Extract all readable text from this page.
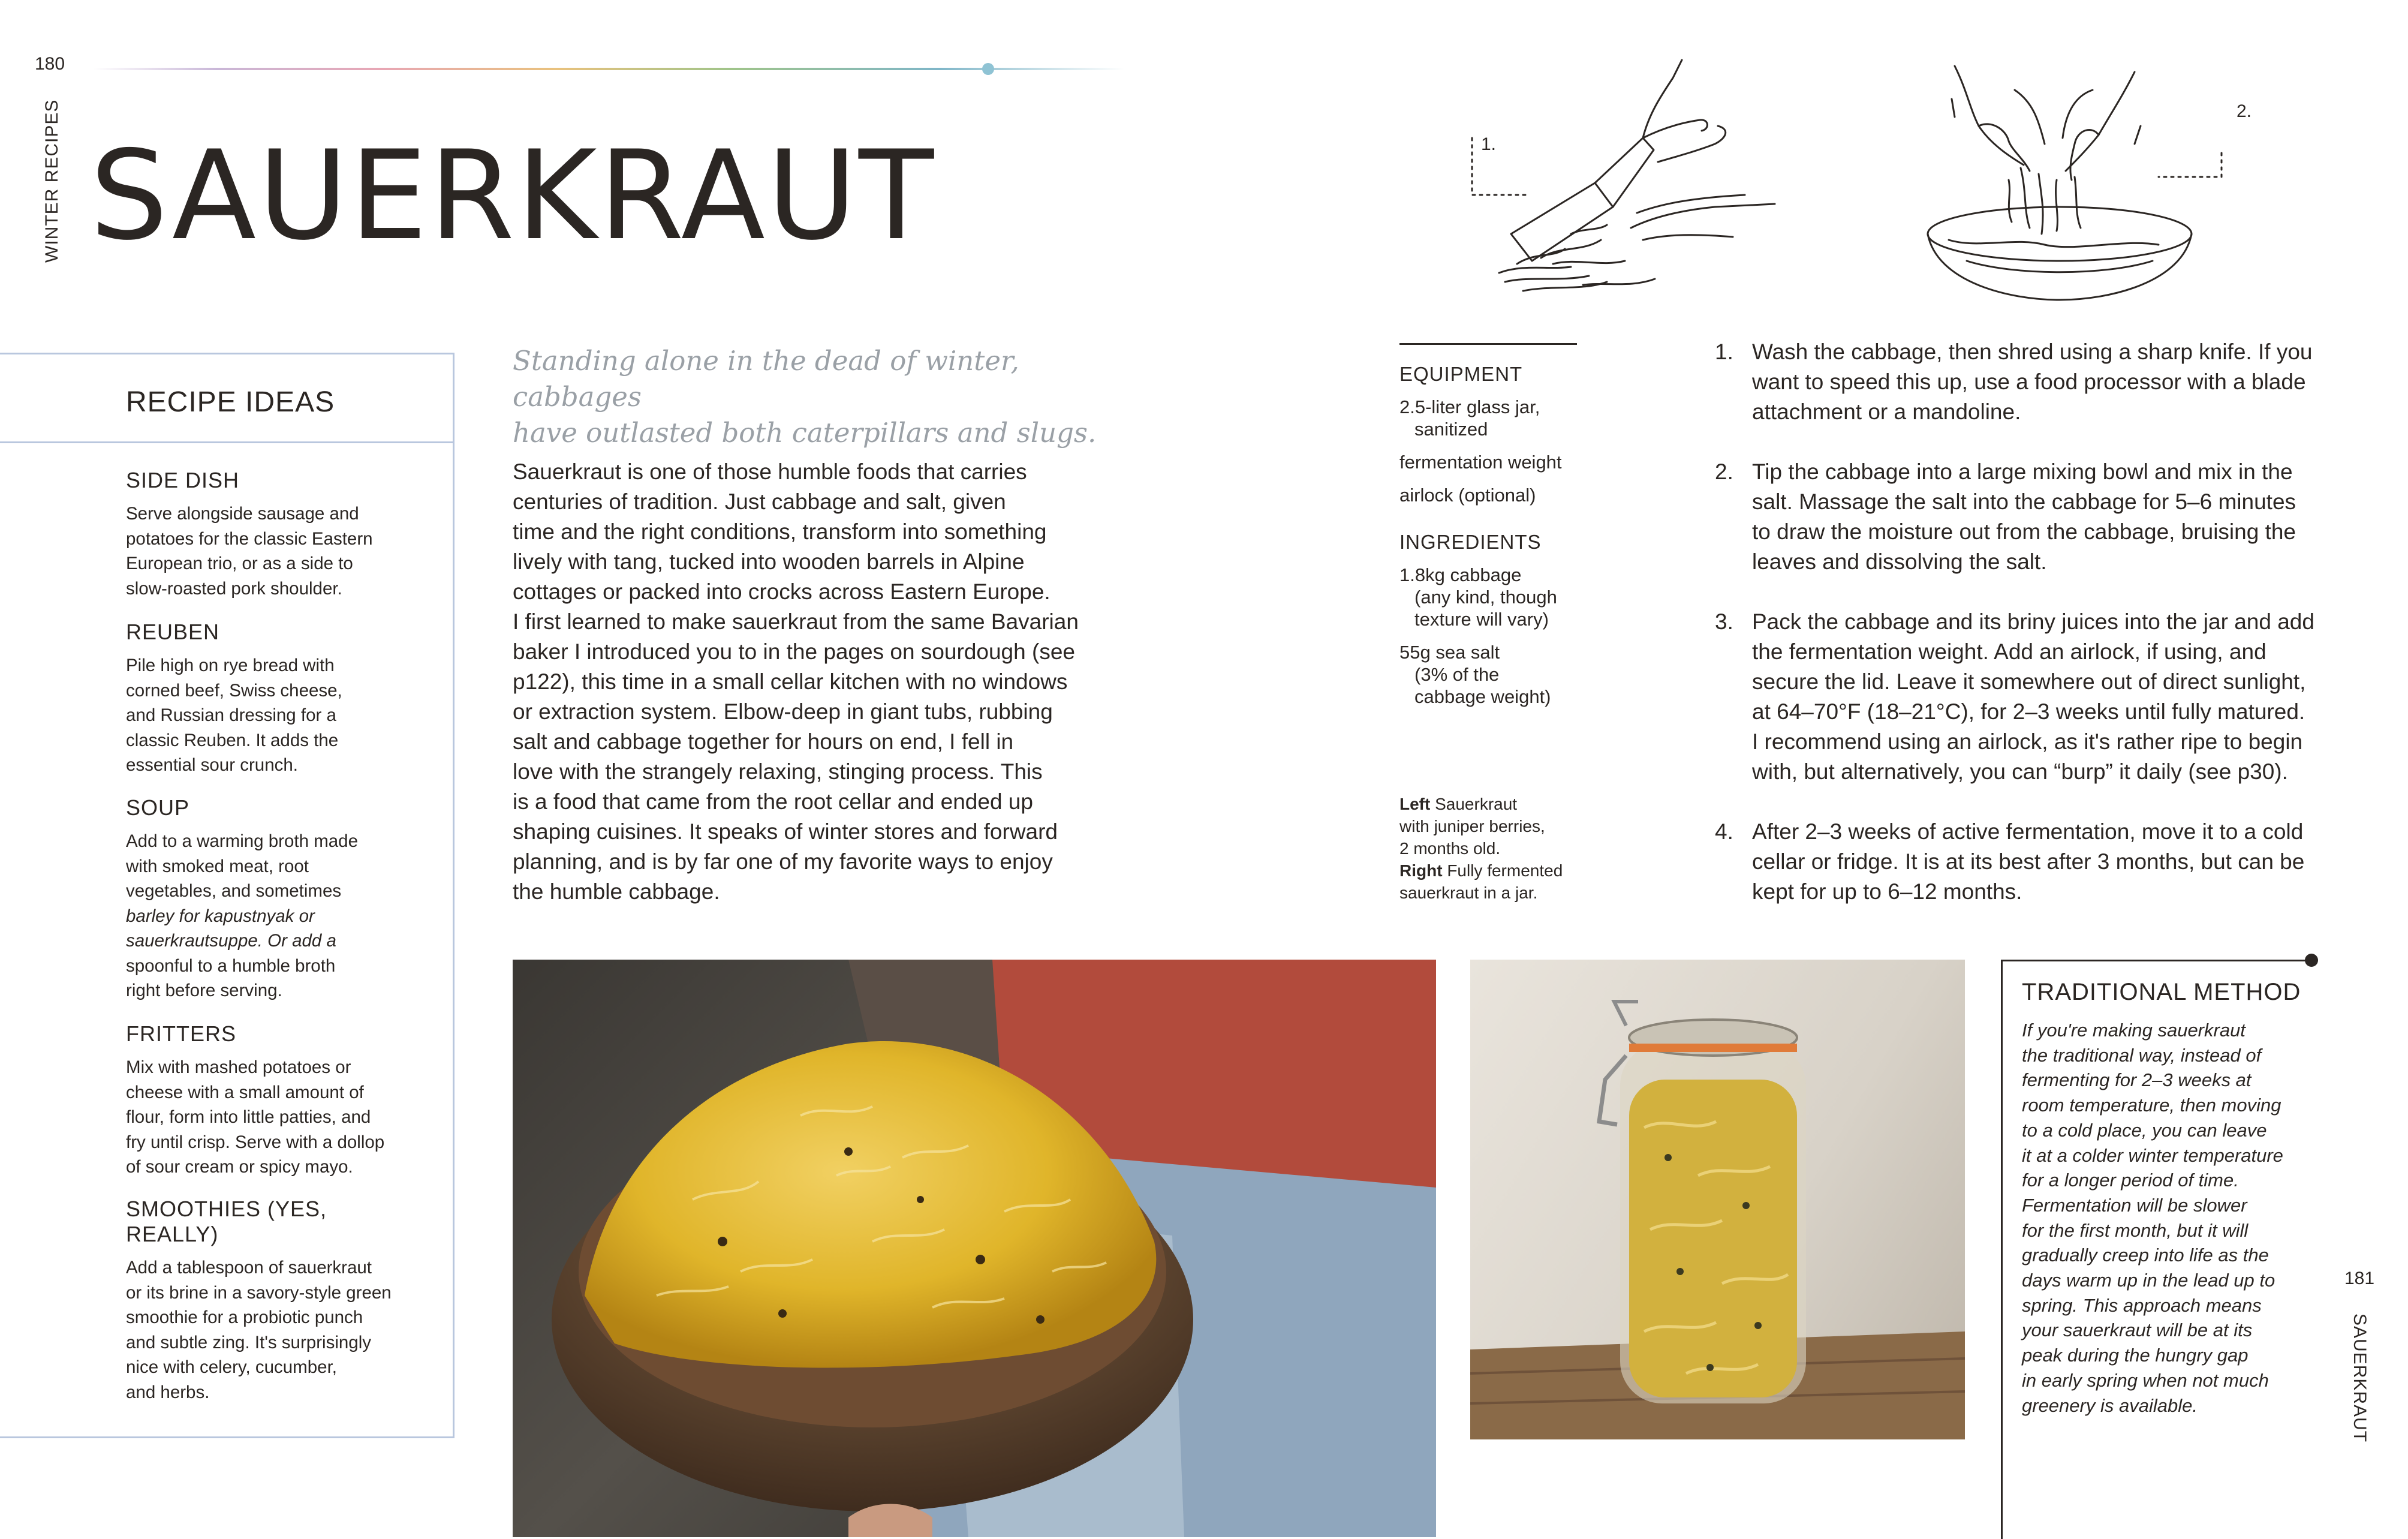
180
WINTER RECIPES SAUERKRAUT
RECIPE IDEAS
SIDE DISH

Serve alongside sausage and
potatoes for the classic Eastern
European trio, or as a side to
slow-roasted pork shoulder.

REUBEN

Pile high on rye bread with
corned beef, Swiss cheese,
and Russian dressing for a
classic Reuben. It adds the
essential sour crunch.

SOUP

Add to a warming broth made
with smoked meat, root
vegetables, and sometimes
barley for kapustnyak or
sauerkrautsuppe. Or add a
spoonful to a humble broth
right before serving.

FRITTERS

Mix with mashed potatoes or
cheese with a small amount of
flour, form into little patties, and
fry until crisp. Serve with a dollop
of sour cream or spicy mayo.

SMOOTHIES (YES, REALLY)

Add a tablespoon of sauerkraut
or its brine in a savory-style green
smoothie for a probiotic punch
and subtle zing. It's surprisingly
nice with celery, cucumber,
and herbs.

Standing alone in the dead of winter, cabbages
have outlasted both caterpillars and slugs.

Sauerkraut is one of those humble foods that carries
centuries of tradition. Just cabbage and salt, given
time and the right conditions, transform into something
lively with tang, tucked into wooden barrels in Alpine
cottages or packed into crocks across Eastern Europe.
I first learned to make sauerkraut from the same Bavarian
baker I introduced you to in the pages on sourdough (see
p122), this time in a small cellar kitchen with no windows
or extraction system. Elbow-deep in giant tubs, rubbing
salt and cabbage together for hours on end, I fell in
love with the strangely relaxing, stinging process. This
is a food that came from the root cellar and ended up
shaping cuisines. It speaks of winter stores and forward
planning, and is by far one of my favorite ways to enjoy
the humble cabbage.

1.
2.
EQUIPMENT
2.5-liter glass jar,
sanitized
fermentation weight
airlock (optional)
INGREDIENTS
1.8kg cabbage
(any kind, though
texture will vary)
55g sea salt
(3% of the
cabbage weight)
Left Sauerkraut
with juniper berries,
2 months old.
Right Fully fermented
sauerkraut in a jar.
1. Wash the cabbage, then shred using a sharp knife. If you
want to speed this up, use a food processor with a blade
attachment or a mandoline.
2. Tip the cabbage into a large mixing bowl and mix in the
salt. Massage the salt into the cabbage for 5–6 minutes
to draw the moisture out from the cabbage, bruising the
leaves and dissolving the salt.
3. Pack the cabbage and its briny juices into the jar and add
the fermentation weight. Add an airlock, if using, and
secure the lid. Leave it somewhere out of direct sunlight,
at 64–70°F (18–21°C), for 2–3 weeks until fully matured.
I recommend using an airlock, as it's rather ripe to begin
with, but alternatively, you can “burp” it daily (see p30).
4. After 2–3 weeks of active fermentation, move it to a cold
cellar or fridge. It is at its best after 3 months, but can be
kept for up to 6–12 months.
TRADITIONAL METHOD
If you're making sauerkraut
the traditional way, instead of
fermenting for 2–3 weeks at
room temperature, then moving
to a cold place, you can leave
it at a colder winter temperature
for a longer period of time.
Fermentation will be slower
for the first month, but it will
gradually creep into life as the
days warm up in the lead up to
spring. This approach means
your sauerkraut will be at its
peak during the hungry gap
in early spring when not much
greenery is available.
181
SAUERKRAUT
